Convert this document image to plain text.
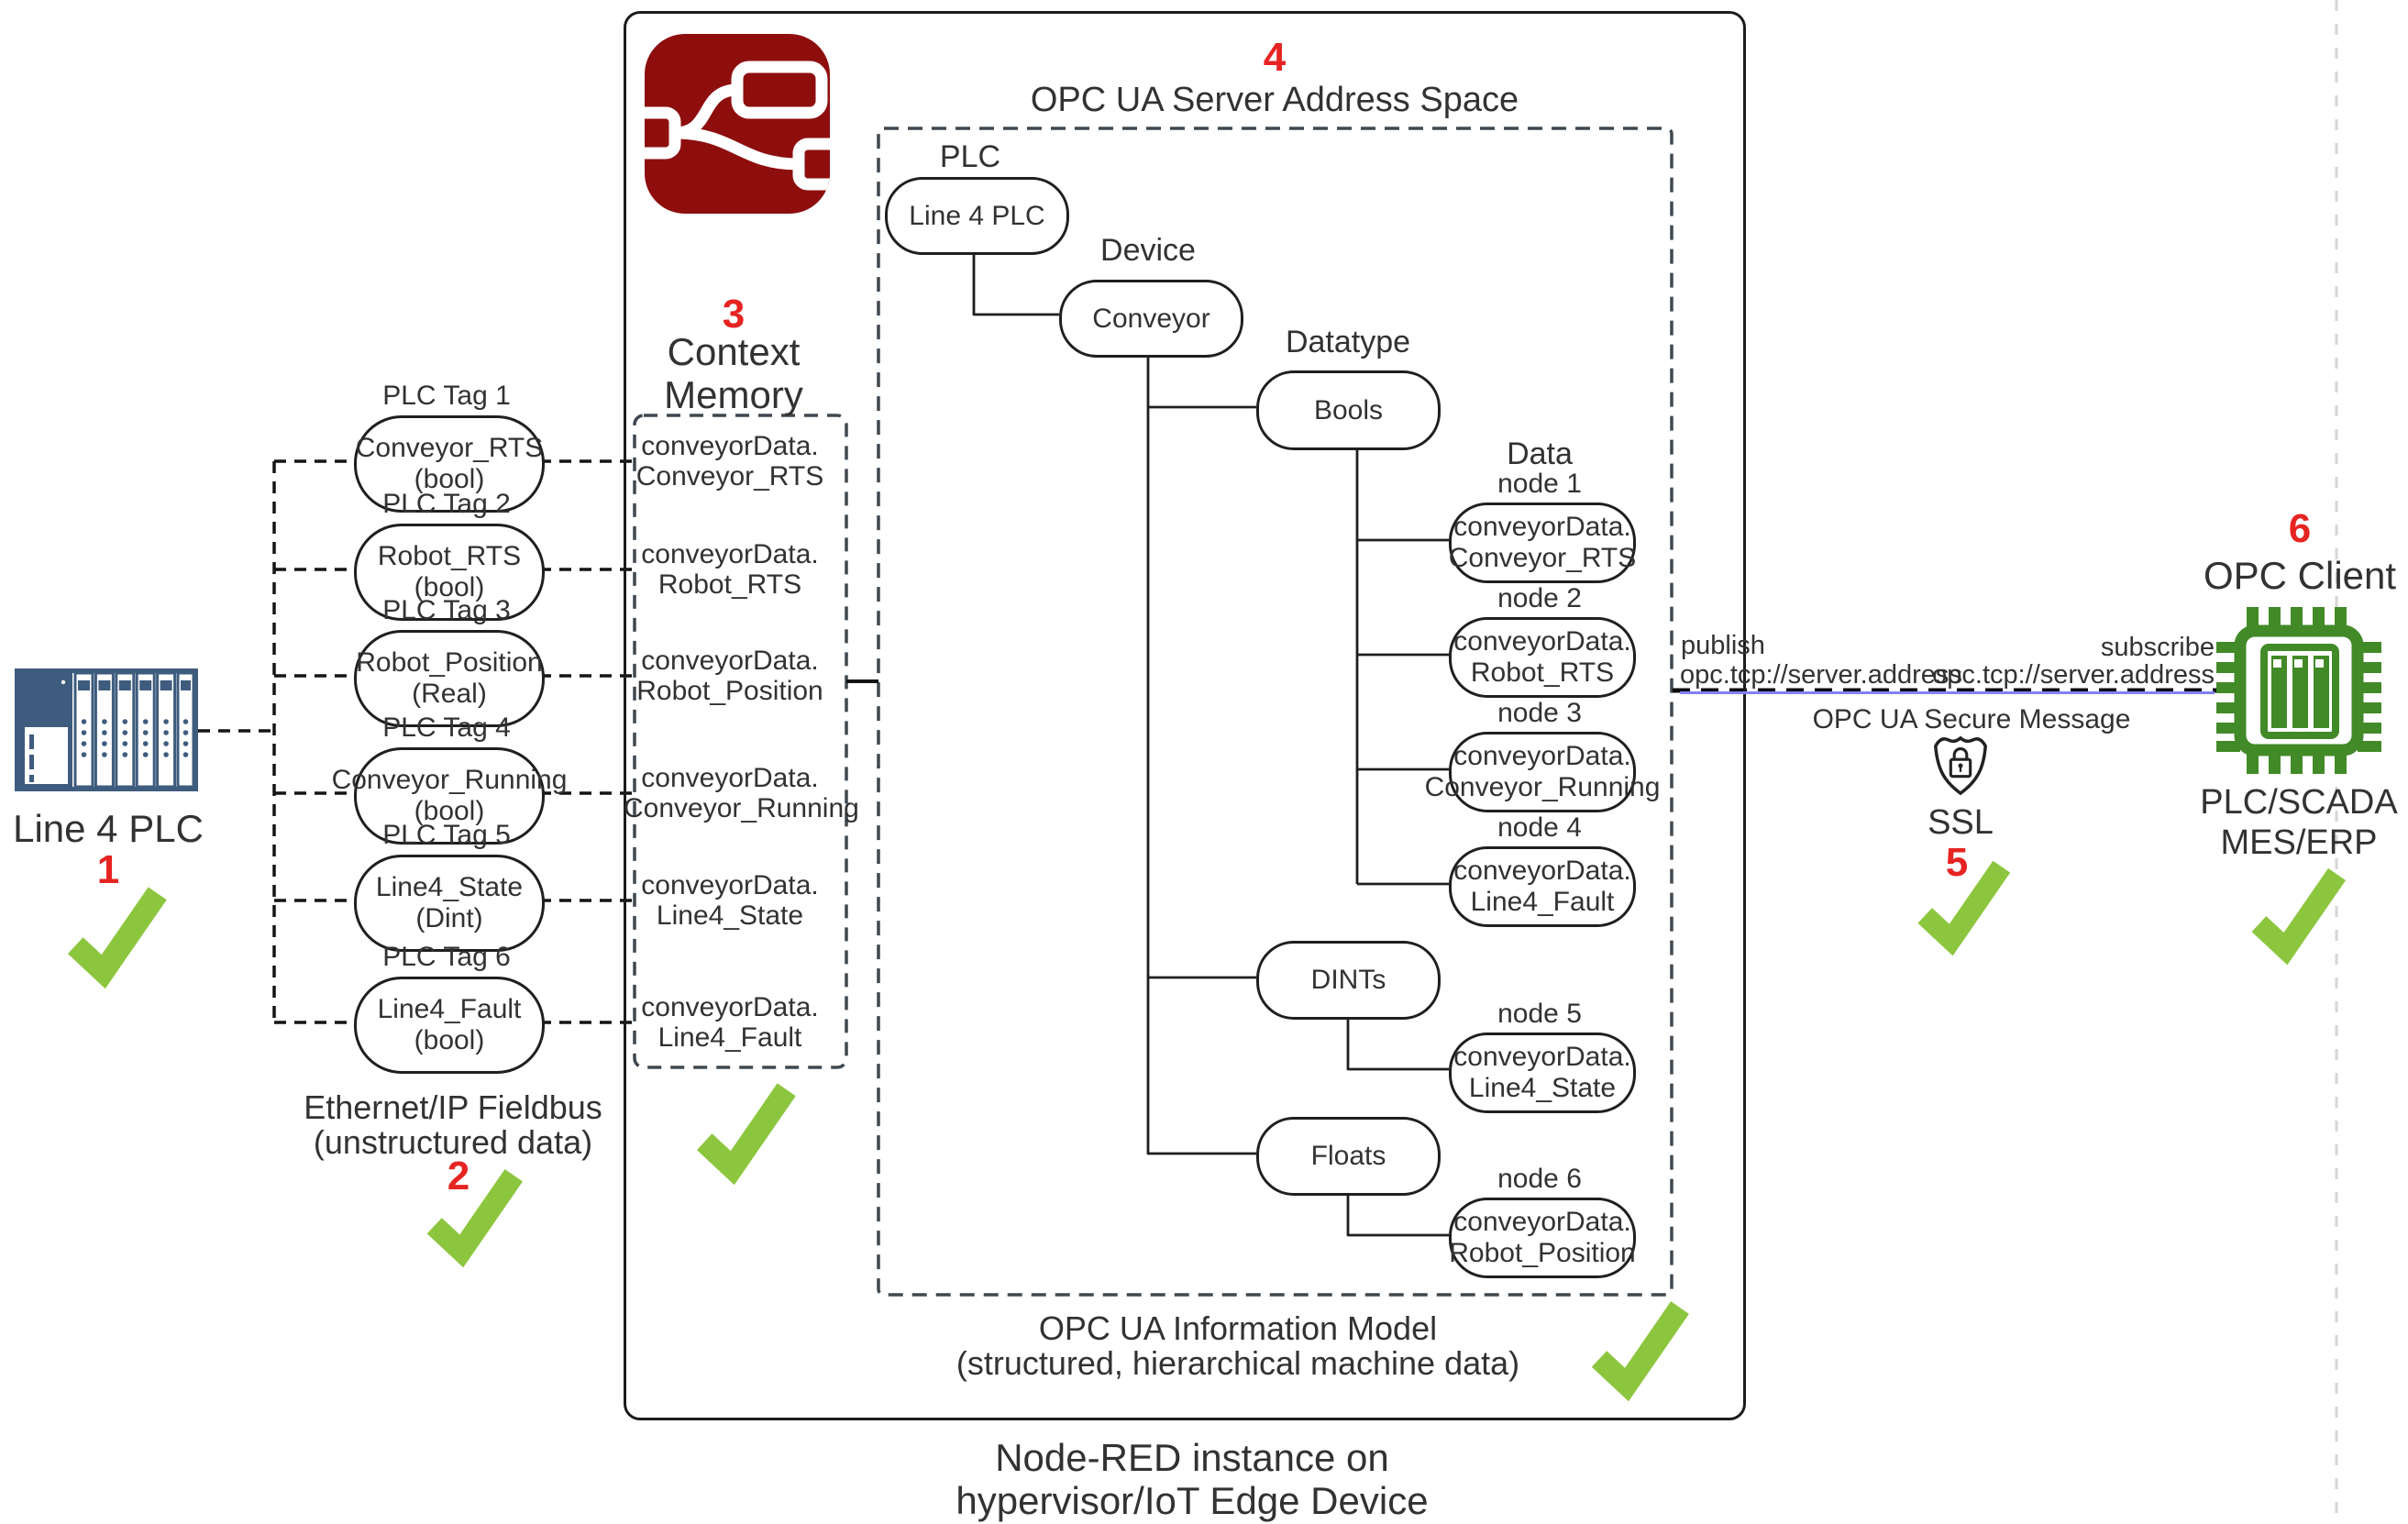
Line 4 PLC
1
PLC Tag 1
Conveyor_RTS
(bool)
PLC Tag 2
Robot_RTS
(bool)
PLC Tag 3
Robot_Position
(Real)
PLC Tag 4
Conveyor_Running
(bool)
PLC Tag 5
Line4_State
(Dint)
PLC Tag 6
Line4_Fault
(bool)
Ethernet/IP Fieldbus
(unstructured data)
2
3
Context
Memory
conveyorData.
Conveyor_RTS
conveyorData.
Robot_RTS
conveyorData.
Robot_Position
conveyorData.
Conveyor_Running
conveyorData.
Line4_State
conveyorData.
Line4_Fault
4
OPC UA Server Address Space
PLC
Line 4 PLC
Device
Conveyor
Datatype
Bools
Data
node 1
conveyorData.
Conveyor_RTS
node 2
conveyorData.
Robot_RTS
node 3
conveyorData.
Conveyor_Running
node 4
conveyorData.
Line4_Fault
DINTs
node 5
conveyorData.
Line4_State
Floats
node 6
conveyorData.
Robot_Position
OPC UA Information Model
(structured, hierarchical machine data)
Node-RED instance on
hypervisor/IoT Edge Device
publish
opc.tcp://server.address
subscribe
opc.tcp://server.address
OPC UA Secure Message
SSL
5
6
OPC Client
PLC/SCADA
MES/ERP
